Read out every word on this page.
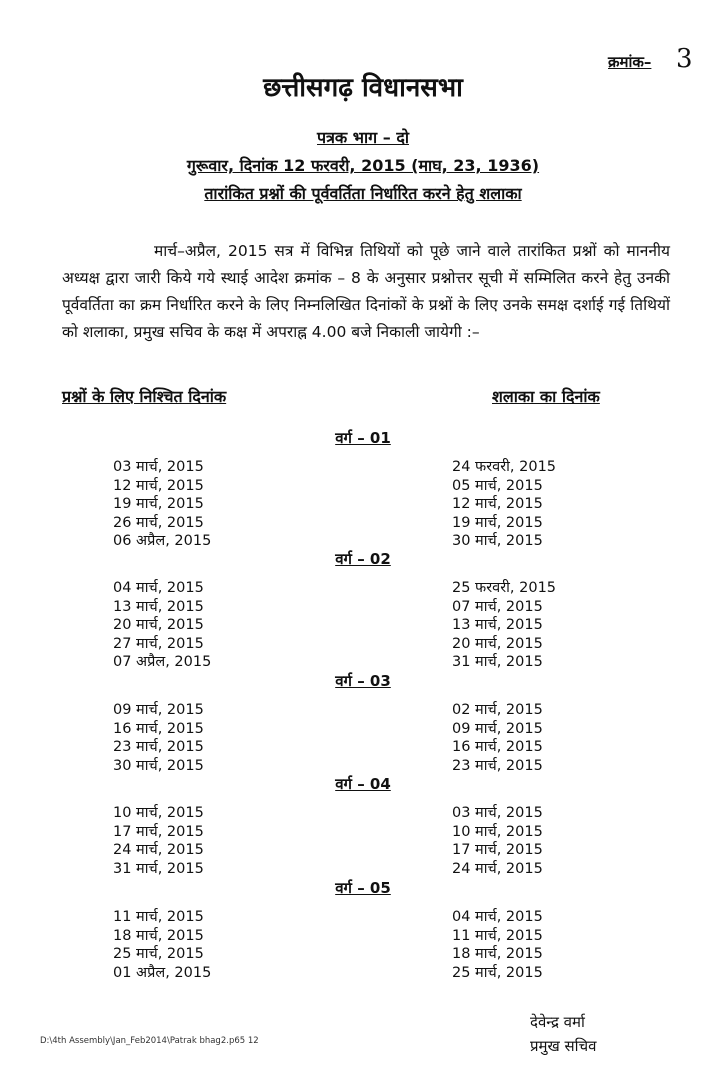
क्रमांक– 3
छत्तीसगढ़ विधानसभा
पत्रक भाग – दो
गुरूवार, दिनांक 12 फरवरी, 2015 (माघ, 23, 1936)
तारांकित प्रश्नों की पूर्ववर्तिता निर्धारित करने हेतु शलाका
मार्च–अप्रैल, 2015 सत्र में विभिन्न तिथियों को पूछे जाने वाले तारांकित प्रश्नों को माननीय अध्यक्ष द्वारा जारी किये गये स्थाई आदेश क्रमांक – 8 के अनुसार प्रश्नोत्तर सूची में सम्मिलित करने हेतु उनकी पूर्ववर्तिता का क्रम निर्धारित करने के लिए निम्नलिखित दिनांकों के प्रश्नों के लिए उनके समक्ष दर्शाई गई तिथियों को शलाका, प्रमुख सचिव के कक्ष में अपराह्न 4.00 बजे निकाली जायेगी :–
प्रश्नों के लिए निश्चित दिनांक	शलाका का दिनांक
वर्ग – 01
03 मार्च, 2015
12 मार्च, 2015
19 मार्च, 2015
26 मार्च, 2015
06 अप्रैल, 2015
24 फरवरी, 2015
05 मार्च, 2015
12 मार्च, 2015
19 मार्च, 2015
30 मार्च, 2015
वर्ग – 02
04 मार्च, 2015
13 मार्च, 2015
20 मार्च, 2015
27 मार्च, 2015
07 अप्रैल, 2015
25 फरवरी, 2015
07 मार्च, 2015
13 मार्च, 2015
20 मार्च, 2015
31 मार्च, 2015
वर्ग – 03
09 मार्च, 2015
16 मार्च, 2015
23 मार्च, 2015
30 मार्च, 2015
02 मार्च, 2015
09 मार्च, 2015
16 मार्च, 2015
23 मार्च, 2015
वर्ग – 04
10 मार्च, 2015
17 मार्च, 2015
24 मार्च, 2015
31 मार्च, 2015
03 मार्च, 2015
10 मार्च, 2015
17 मार्च, 2015
24 मार्च, 2015
वर्ग – 05
11 मार्च, 2015
18 मार्च, 2015
25 मार्च, 2015
01 अप्रैल, 2015
04 मार्च, 2015
11 मार्च, 2015
18 मार्च, 2015
25 मार्च, 2015
देवेन्द्र वर्मा
प्रमुख सचिव
D:\4th Assembly\Jan_Feb2014\Patrak bhag2.p65 12
